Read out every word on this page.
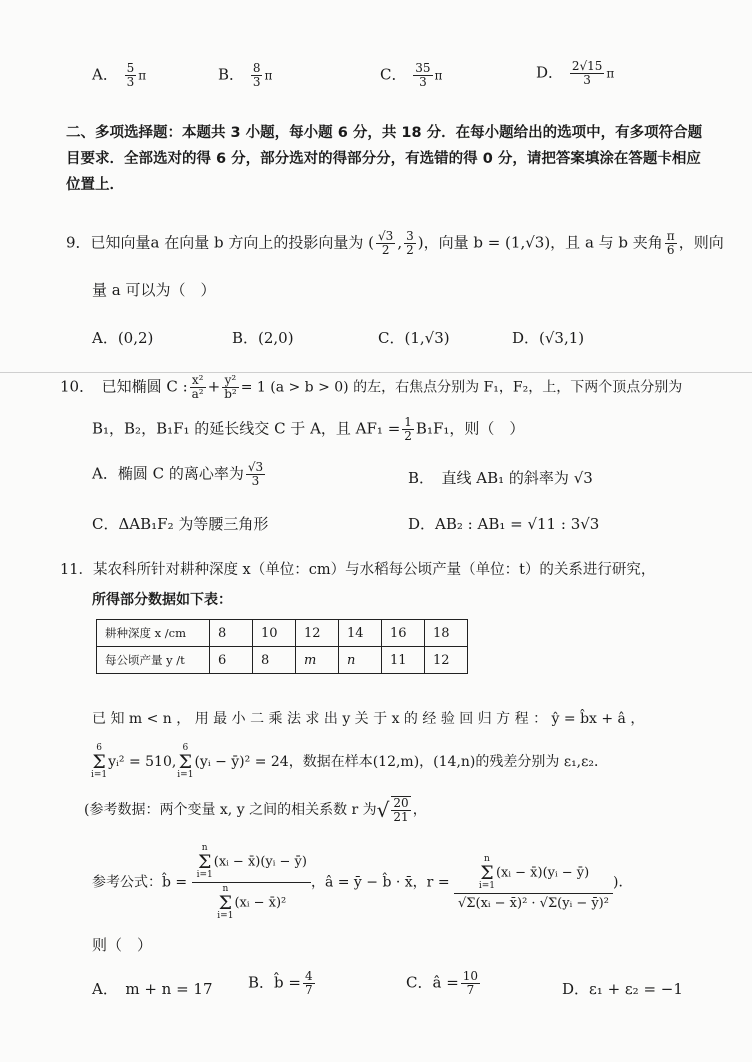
A． $\frac{5}{3}$ π	B． $\frac{8}{3}$ π	C． $\frac{35}{3}$ π	D． $\frac{2√15}{3}$ π
二、多项选择题：本题共 3 小题，每小题 6 分，共 18 分．在每小题给出的选项中，有多项符合题目要求．全部选对的得 6 分，部分选对的得部分分，有选错的得 0 分，请把答案填涂在答题卡相应位置上．
9．已知向量a 在向量 b 方向上的投影向量为 ( $\frac{√3}{2}$ , $\frac{3}{2}$ )，向量 b = (1,√3)，且 a 与 b 夹角 $\frac{\pi}{6}$ ，则向
量 a 可以为（　）
A．(0,2)	B．(2,0)	C．(1,√3)	D．(√3,1)
10．　已知椭圆 C : $\frac{\text{x²}}{\text{a²}} + \frac{\text{y²}}{\text{b²}} = 1$ (a > b > 0) 的左，右焦点分别为 F₁，F₂，上，下两个顶点分别为
B₁，B₂，B₁F₁ 的延长线交 C 于 A，且 $AF_1 = \frac{1}{2} B_1F_1$，则（　）
A．椭圆 C 的离心率为 $\frac{√3}{3}$	B．　直线 AB₁ 的斜率为 √3
C．ΔAB₁F₂ 为等腰三角形	D．AB₂ : AB₁ = √11 : 3√3
11．某农科所针对耕种深度 x（单位：cm）与水稻每公顷产量（单位：t）的关系进行研究，
所得部分数据如下表：
耕种深度 x /cm	8	10	12	14	16	18
每公顷产量 y /t	6	8	m	n	11	12
已 知 m < n ， 用 最 小 二 乘 法 求 出 y 关 于 x 的 经 验 回 归 方 程 ： ŷ = b̂x + â ，
6
Σ
i=1yᵢ² = 510,6
Σ
i=1(yᵢ − ȳ)² = 24，数据在样本(12,m)，(14,n)的残差分别为 ε₁,ε₂．
(参考数据：两个变量 x, y 之间的相关系数 r 为√ $\frac{20}{21}$ ，
参考公式：b̂ =
n
Σ
i=1(xᵢ − x̄)(yᵢ − ȳ)
n
Σ
i=1(xᵢ − x̄)²
，â = ȳ − b̂ · x̄，r =
n
Σ
i=1(xᵢ − x̄)(yᵢ − ȳ)
√Σ(xᵢ − x̄)² · √Σ(yᵢ − ȳ)²
)．
则（　）
A．　m + n = 17 B．b̂ = $\frac{4}{7}$	C．â = $\frac{10}{7}$	D．ε₁ + ε₂ = −1
